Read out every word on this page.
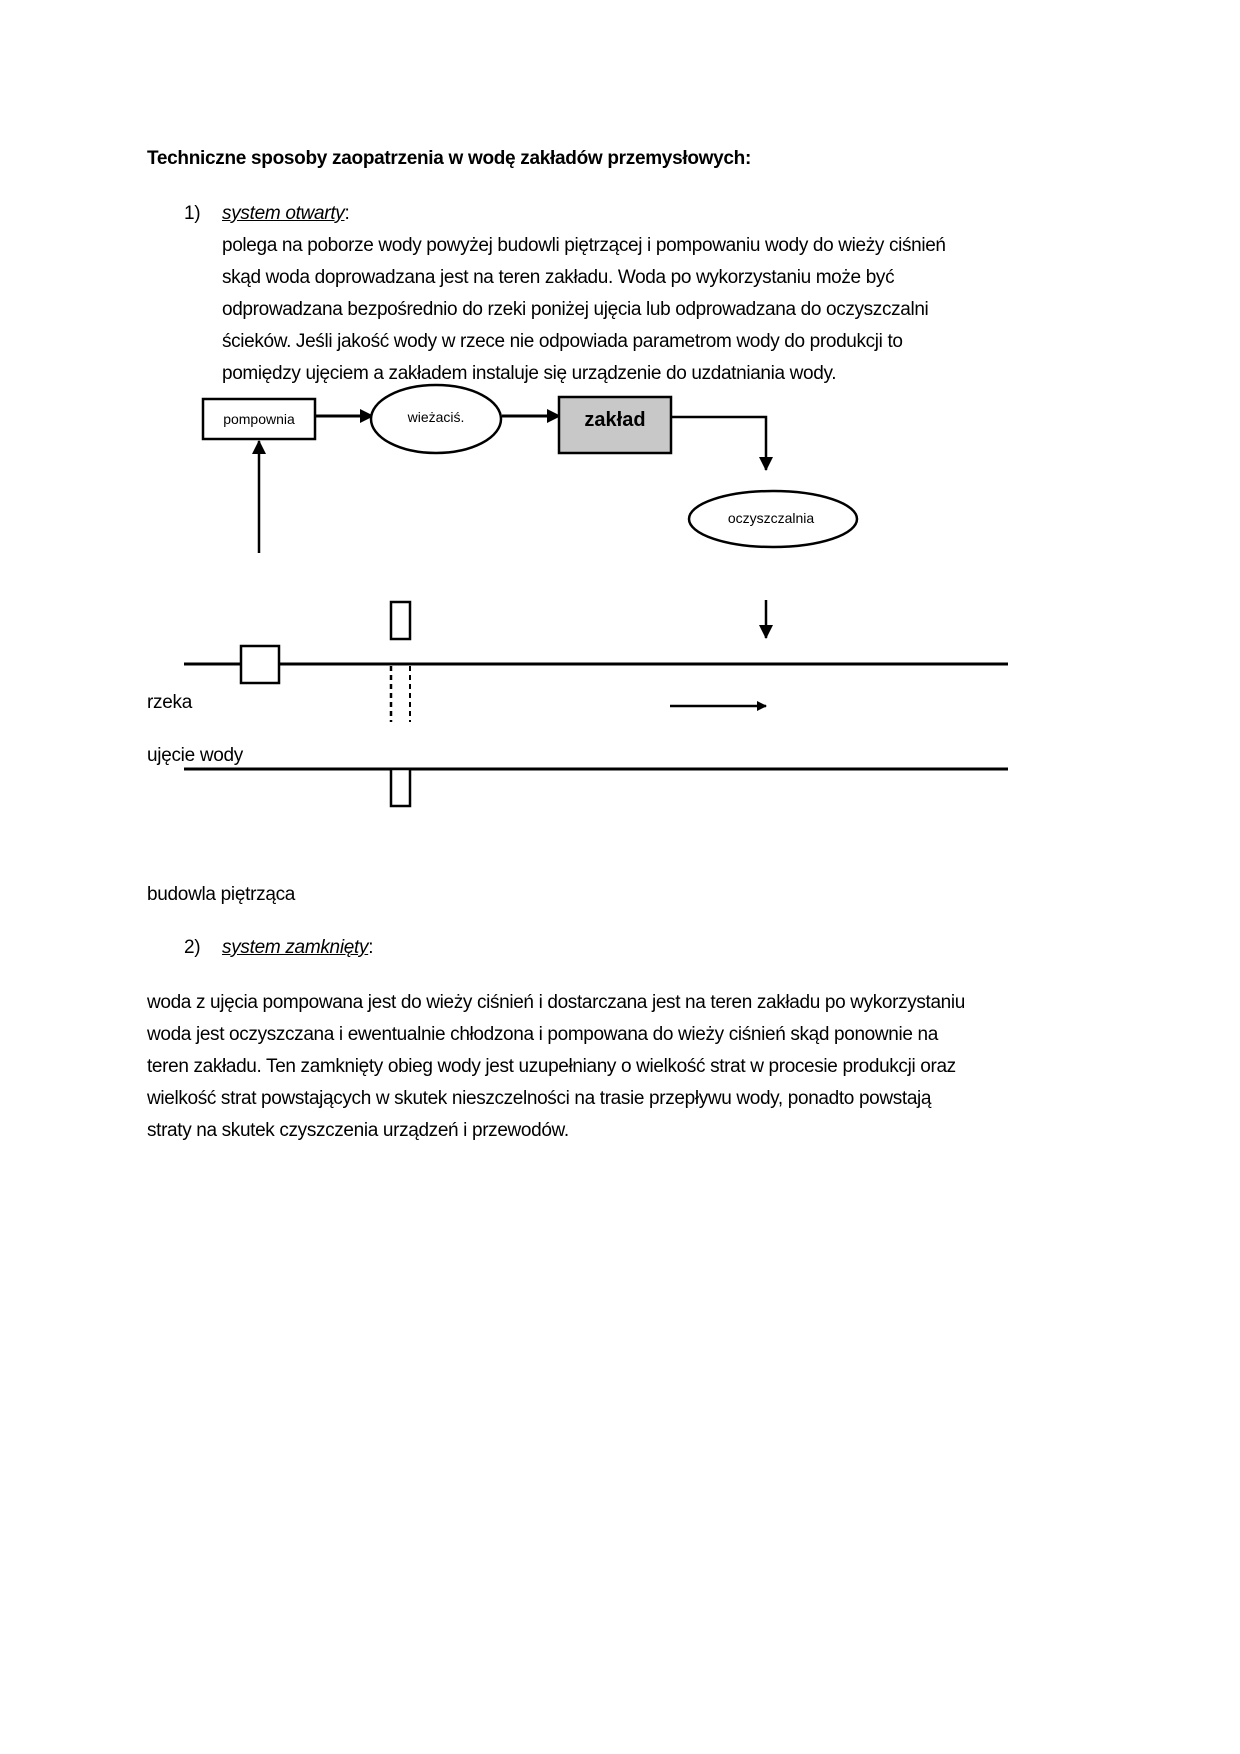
Techniczne sposoby zaopatrzenia w wodę zakładów przemysłowych:
1) system otwarty:
polega na poborze wody powyżej budowli piętrzącej i pompowaniu wody do wieży ciśnień
skąd woda doprowadzana jest na teren zakładu. Woda po wykorzystaniu może być
odprowadzana bezpośrednio do rzeki poniżej ujęcia lub odprowadzana do oczyszczalni
ścieków. Jeśli jakość wody w rzece nie odpowiada parametrom wody do produkcji to
pomiędzy ujęciem a zakładem instaluje się urządzenie do uzdatniania wody.
pompownia	wieżaciś.	zakład
oczyszczalnia
rzeka
ujęcie wody
budowla piętrząca
2) system zamknięty:
woda z ujęcia pompowana jest do wieży ciśnień i dostarczana jest na teren zakładu po wykorzystaniu
woda jest oczyszczana i ewentualnie chłodzona i pompowana do wieży ciśnień skąd ponownie na
teren zakładu. Ten zamknięty obieg wody jest uzupełniany o wielkość strat w procesie produkcji oraz
wielkość strat powstających w skutek nieszczelności na trasie przepływu wody, ponadto powstają
straty na skutek czyszczenia urządzeń i przewodów.
